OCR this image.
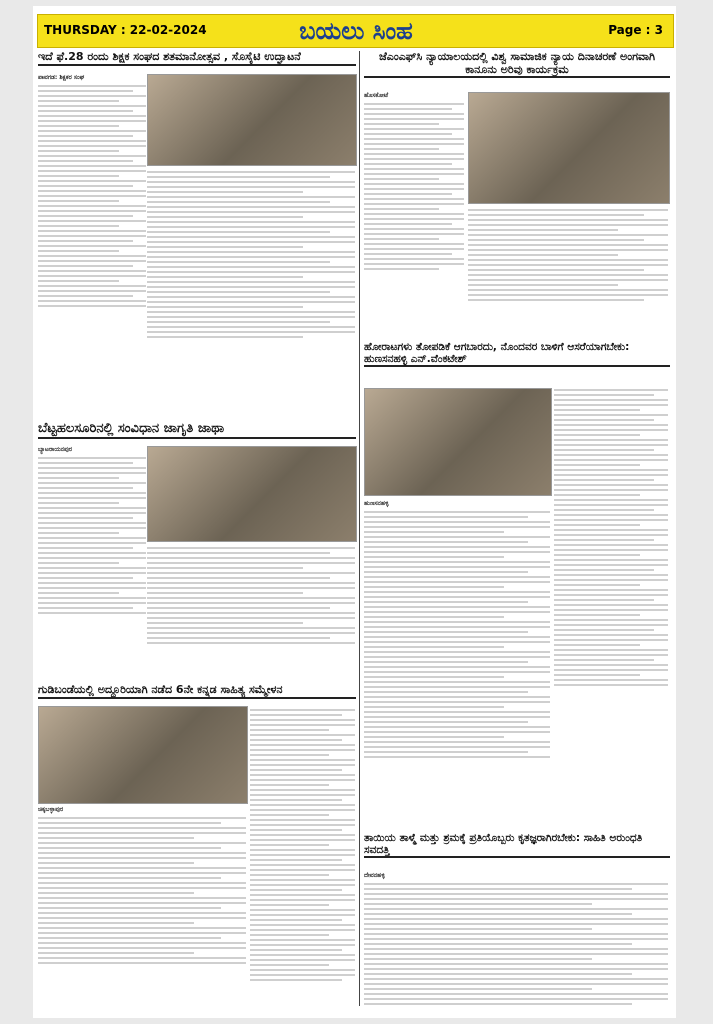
THURSDAY : 22-02-2024	ಬಯಲು ಸಿಂಹ	Page : 3
ಇದೆ ಫೆ.28 ರಂದು ಶಿಕ್ಷಕ ಸಂಘದ ಶತಮಾನೋತ್ಸವ , ಸೊಸೈಟಿ ಉದ್ಘಾಟನೆ
ಪಾವಗಡ: ಶಿಕ್ಷಕರ ಸಂಘ
ಜೆಎಂಎಫ್‌ಸಿ ನ್ಯಾಯಾಲಯದಲ್ಲಿ ವಿಶ್ವ ಸಾಮಾಜಿಕ ನ್ಯಾಯ ದಿನಾಚರಣೆ ಅಂಗವಾಗಿ ಕಾನೂನು ಅರಿವು ಕಾರ್ಯಕ್ರಮ
ಹೊಸಕೋಟೆ
ಹೋರಾಟಗಳು ತೋಪಡಿಕೆ ಆಗಬಾರದು, ನೊಂದವರ ಬಾಳಿಗೆ ಆಸರೆಯಾಗಬೇಕು: ಹುಣಸನಹಳ್ಳಿ ಎನ್.ವೆಂಕಟೇಶ್
ಹುಣಸನಹಳ್ಳಿ
ಬೆಟ್ಟಹಲಸೂರಿನಲ್ಲಿ ಸಂವಿಧಾನ ಜಾಗೃತಿ ಜಾಥಾ
ಬ್ಯಾಟರಾಯನಪುರ
ಗುಡಿಬಂಡೆಯಲ್ಲಿ ಅದ್ದೂರಿಯಾಗಿ ನಡೆದ 6ನೇ ಕನ್ನಡ ಸಾಹಿತ್ಯ ಸಮ್ಮೇಳನ
ಚಿಕ್ಕಬಳ್ಳಾಪುರ
ತಾಯಿಯ ತಾಳ್ಮೆ ಮತ್ತು ಶ್ರಮಕ್ಕೆ ಪ್ರತಿಯೊಬ್ಬರು ಕೃತಜ್ಞರಾಗಿರಬೇಕು: ಸಾಹಿತಿ ಅರುಂಧತಿ ಸವದತ್ತಿ
ದೇವನಹಳ್ಳಿ
